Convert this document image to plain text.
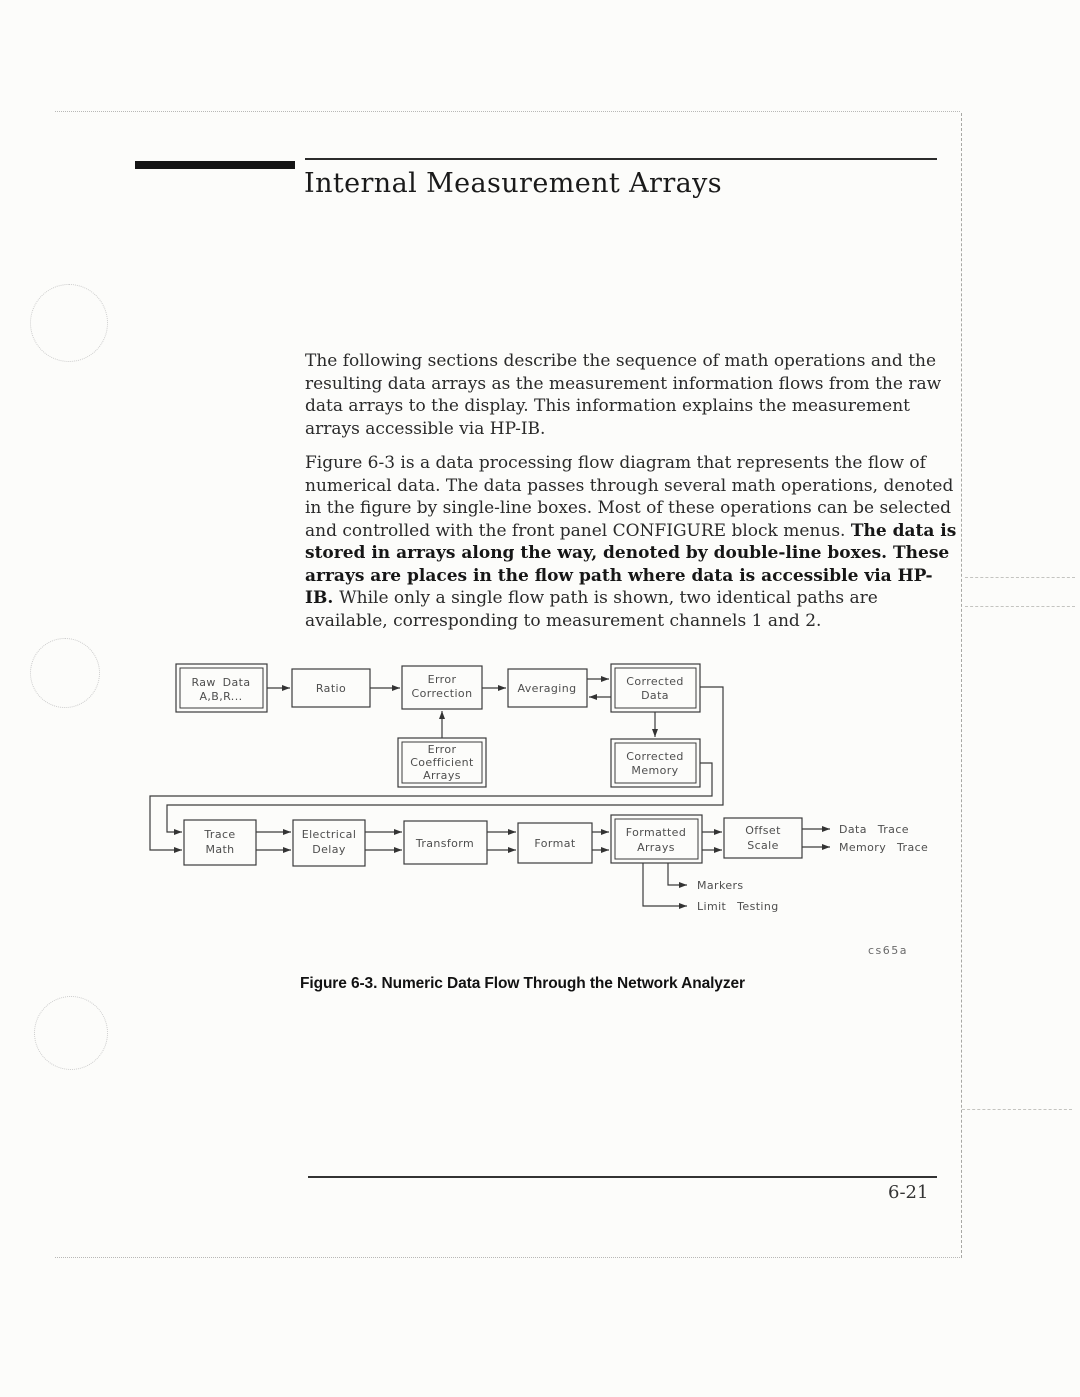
Internal Measurement Arrays

The following sections describe the sequence of math operations and the resulting data arrays as the measurement information flows from the raw data arrays to the display. This information explains the measurement arrays accessible via HP-IB.

Figure 6-3 is a data processing flow diagram that represents the flow of numerical data. The data passes through several math operations, denoted in the figure by single-line boxes. Most of these operations can be selected and controlled with the front panel CONFIGURE block menus. The data is stored in arrays along the way, denoted by double-line boxes. These arrays are places in the flow path where data is accessible via HP-IB. While only a single flow path is shown, two identical paths are available, corresponding to measurement channels 1 and 2.

Raw Data A,B,R...
Ratio
Error Correction	Averaging
Corrected Data
Error Coefficient Arrays
Corrected Memory
Trace Math
Electrical Delay	Transform	Format
Formatted Arrays
Offset Scale
Data Trace
Memory Trace
Markers
Limit Testing
cs65a
Figure 6-3. Numeric Data Flow Through the Network Analyzer
6-21
